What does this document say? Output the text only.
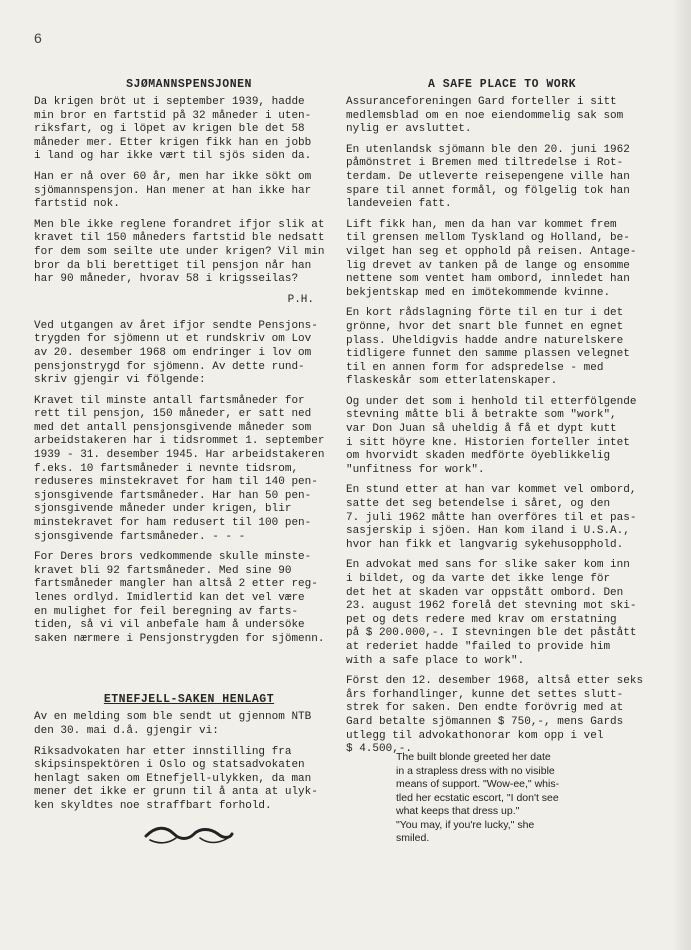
6
SJØMANNSPENSJONEN

Da krigen bröt ut i september 1939, hadde
min bror en fartstid på 32 måneder i uten-
riksfart, og i löpet av krigen ble det 58
måneder mer. Etter krigen fikk han en jobb
i land og har ikke vært til sjös siden da.

Han er nå over 60 år, men har ikke sökt om
sjömannspensjon. Han mener at han ikke har
fartstid nok.

Men ble ikke reglene forandret ifjor slik at
kravet til 150 måneders fartstid ble nedsatt
for dem som seilte ute under krigen? Vil min
bror da bli berettiget til pensjon når han
har 90 måneder, hvorav 58 i krigsseilas?

P.H.

Ved utgangen av året ifjor sendte Pensjons-
trygden for sjömenn ut et rundskriv om Lov
av 20. desember 1968 om endringer i lov om
pensjonstrygd for sjömenn. Av dette rund-
skriv gjengir vi fölgende:

Kravet til minste antall fartsmåneder for
rett til pensjon, 150 måneder, er satt ned
med det antall pensjonsgivende måneder som
arbeidstakeren har i tidsrommet 1. september
1939 - 31. desember 1945. Har arbeidstakeren
f.eks. 10 fartsmåneder i nevnte tidsrom,
reduseres minstekravet for ham til 140 pen-
sjonsgivende fartsmåneder. Har han 50 pen-
sjonsgivende måneder under krigen, blir
minstekravet for ham redusert til 100 pen-
sjonsgivende fartsmåneder. - - -

For Deres brors vedkommende skulle minste-
kravet bli 92 fartsmåneder. Med sine 90
fartsmåneder mangler han altså 2 etter reg-
lenes ordlyd. Imidlertid kan det vel være
en mulighet for feil beregning av farts-
tiden, så vi vil anbefale ham å undersöke
saken nærmere i Pensjonstrygden for sjömenn.

ETNEFJELL-SAKEN HENLAGT

Av en melding som ble sendt ut gjennom NTB
den 30. mai d.å. gjengir vi:

Riksadvokaten har etter innstilling fra
skipsinspektören i Oslo og statsadvokaten
henlagt saken om Etnefjell-ulykken, da man
mener det ikke er grunn til å anta at ulyk-
ken skyldtes noe straffbart forhold.

A SAFE PLACE TO WORK

Assuranceforeningen Gard forteller i sitt
medlemsblad om en noe eiendommelig sak som
nylig er avsluttet.

En utenlandsk sjömann ble den 20. juni 1962
påmönstret i Bremen med tiltredelse i Rot-
terdam. De utleverte reisepengene ville han
spare til annet formål, og fölgelig tok han
landeveien fatt.

Lift fikk han, men da han var kommet frem
til grensen mellom Tyskland og Holland, be-
vilget han seg et opphold på reisen. Antage-
lig drevet av tanken på de lange og ensomme
nettene som ventet ham ombord, innledet han
bekjentskap med en imötekommende kvinne.

En kort rådslagning förte til en tur i det
grönne, hvor det snart ble funnet en egnet
plass. Uheldigvis hadde andre naturelskere
tidligere funnet den samme plassen velegnet
til en annen form for adspredelse - med
flaskeskår som etterlatenskaper.

Og under det som i henhold til etterfölgende
stevning måtte bli å betrakte som "work",
var Don Juan så uheldig å få et dypt kutt
i sitt höyre kne. Historien forteller intet
om hvorvidt skaden medförte öyeblikkelig
"unfitness for work".

En stund etter at han var kommet vel ombord,
satte det seg betendelse i såret, og den
7. juli 1962 måtte han overföres til et pas-
sasjerskip i sjöen. Han kom iland i U.S.A.,
hvor han fikk et langvarig sykehusopphold.

En advokat med sans for slike saker kom inn
i bildet, og da varte det ikke lenge för
det het at skaden var oppstått ombord. Den
23. august 1962 forelå det stevning mot ski-
pet og dets redere med krav om erstatning
på $ 200.000,-. I stevningen ble det påstått
at rederiet hadde "failed to provide him
with a safe place to work".

Först den 12. desember 1968, altså etter seks
års forhandlinger, kunne det settes slutt-
strek for saken. Den endte forövrig med at
Gard betalte sjömannen $ 750,-, mens Gards
utlegg til advokathonorar kom opp i vel
$ 4.500,-.

The built blonde greeted her date
in a strapless dress with no visible
means of support. "Wow-ee," whis-
tled her ecstatic escort, "I don't see
what keeps that dress up."
"You may, if you're lucky," she
smiled.
